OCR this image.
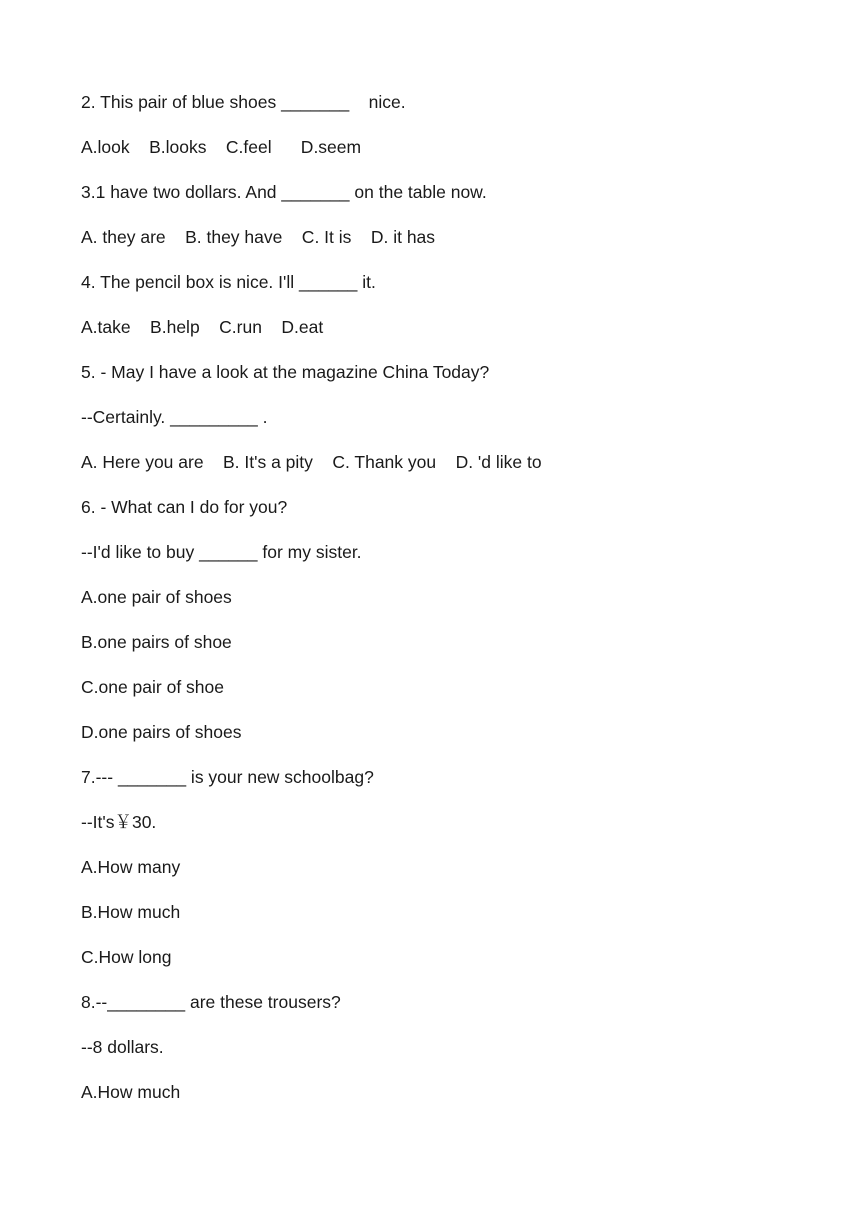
2. This pair of blue shoes _______    nice.
A.look    B.looks    C.feel      D.seem
3.1 have two dollars. And _______ on the table now.
A. they are    B. they have    C. It is    D. it has
4. The pencil box is nice. I'll ______ it.
A.take    B.help    C.run    D.eat
5. - May I have a look at the magazine China Today?
--Certainly. _________ .
A. Here you are    B. It's a pity    C. Thank you    D. 'd like to
6. - What can I do for you?
--I'd like to buy ______ for my sister.
A.one pair of shoes
B.one pairs of shoe
C.one pair of shoe
D.one pairs of shoes
7.--- _______ is your new schoolbag?
--It's￥30.
A.How many
B.How much
C.How long
8.--________ are these trousers?
--8 dollars.
A.How much
